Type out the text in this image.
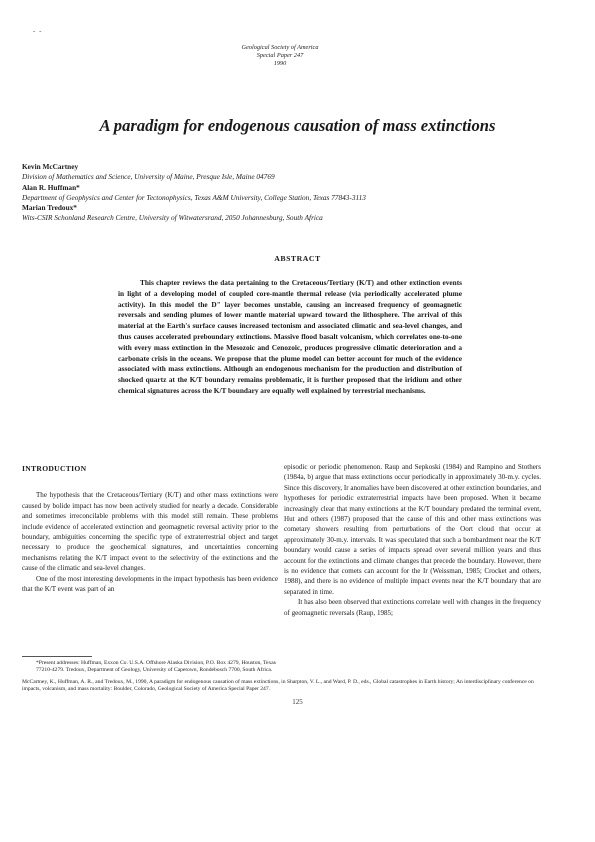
- -
Geological Society of America
Special Paper 247
1990
A paradigm for endogenous causation of mass extinctions
Kevin McCartney
Division of Mathematics and Science, University of Maine, Presque Isle, Maine 04769
Alan R. Huffman*
Department of Geophysics and Center for Tectonophysics, Texas A&M University, College Station, Texas 77843-3113
Marian Tredoux*
Wits-CSIR Schonland Research Centre, University of Witwatersrand, 2050 Johannesburg, South Africa
ABSTRACT

This chapter reviews the data pertaining to the Cretaceous/Tertiary (K/T) and other extinction events in light of a developing model of coupled core-mantle thermal release (via periodically accelerated plume activity). In this model the D" layer becomes unstable, causing an increased frequency of geomagnetic reversals and sending plumes of lower mantle material upward toward the lithosphere. The arrival of this material at the Earth's surface causes increased tectonism and associated climatic and sea-level changes, and thus causes accelerated preboundary extinctions. Massive flood basalt volcanism, which correlates one-to-one with every mass extinction in the Mesozoic and Cenozoic, produces progressive climatic deterioration and a carbonate crisis in the oceans. We propose that the plume model can better account for much of the evidence associated with mass extinctions. Although an endogenous mechanism for the production and distribution of shocked quartz at the K/T boundary remains problematic, it is further proposed that the iridium and other chemical signatures across the K/T boundary are equally well explained by terrestrial mechanisms.

INTRODUCTION

The hypothesis that the Cretaceous/Tertiary (K/T) and other mass extinctions were caused by bolide impact has now been actively studied for nearly a decade. Considerable and sometimes irreconcilable problems with this model still remain. These problems include evidence of accelerated extinction and geomagnetic reversal activity prior to the boundary, ambiguities concerning the specific type of extraterrestrial object and target necessary to produce the geochemical signatures, and uncertainties concerning mechanisms relating the K/T impact event to the selectivity of the extinctions and the cause of the climatic and sea-level changes.

One of the most interesting developments in the impact hypothesis has been evidence that the K/T event was part of an

episodic or periodic phenomenon. Raup and Sepkoski (1984) and Rampino and Stothers (1984a, b) argue that mass extinctions occur periodically in approximately 30-m.y. cycles. Since this discovery, Ir anomalies have been discovered at other extinction boundaries, and hypotheses for periodic extraterrestrial impacts have been proposed. When it became increasingly clear that many extinctions at the K/T boundary predated the terminal event, Hut and others (1987) proposed that the cause of this and other mass extinctions was cometary showers resulting from perturbations of the Oort cloud that occur at approximately 30-m.y. intervals. It was speculated that such a bombardment near the K/T boundary would cause a series of impacts spread over several million years and thus account for the extinctions and climate changes that precede the boundary. However, there is no evidence that comets can account for the Ir (Weissman, 1985; Crocket and others, 1988), and there is no evidence of multiple impact events near the K/T boundary that are separated in time.

It has also been observed that extinctions correlate well with changes in the frequency of geomagnetic reversals (Raup, 1985;

*Present addresses: Huffman, Exxon Co. U.S.A. Offshore Alaska Division, P.O. Box 4279, Houston, Texas 77210-4279. Tredoux, Department of Geology, University of Capetown, Rondebosch 7700, South Africa.
McCartney, K., Huffman, A. R., and Tredoux, M., 1990, A paradigm for endogenous causation of mass extinctions, in Sharpton, V. L., and Ward, P. D., eds., Global catastrophes in Earth history; An interdisciplinary conference on impacts, volcanism, and mass mortality: Boulder, Colorado, Geological Society of America Special Paper 247.
125
